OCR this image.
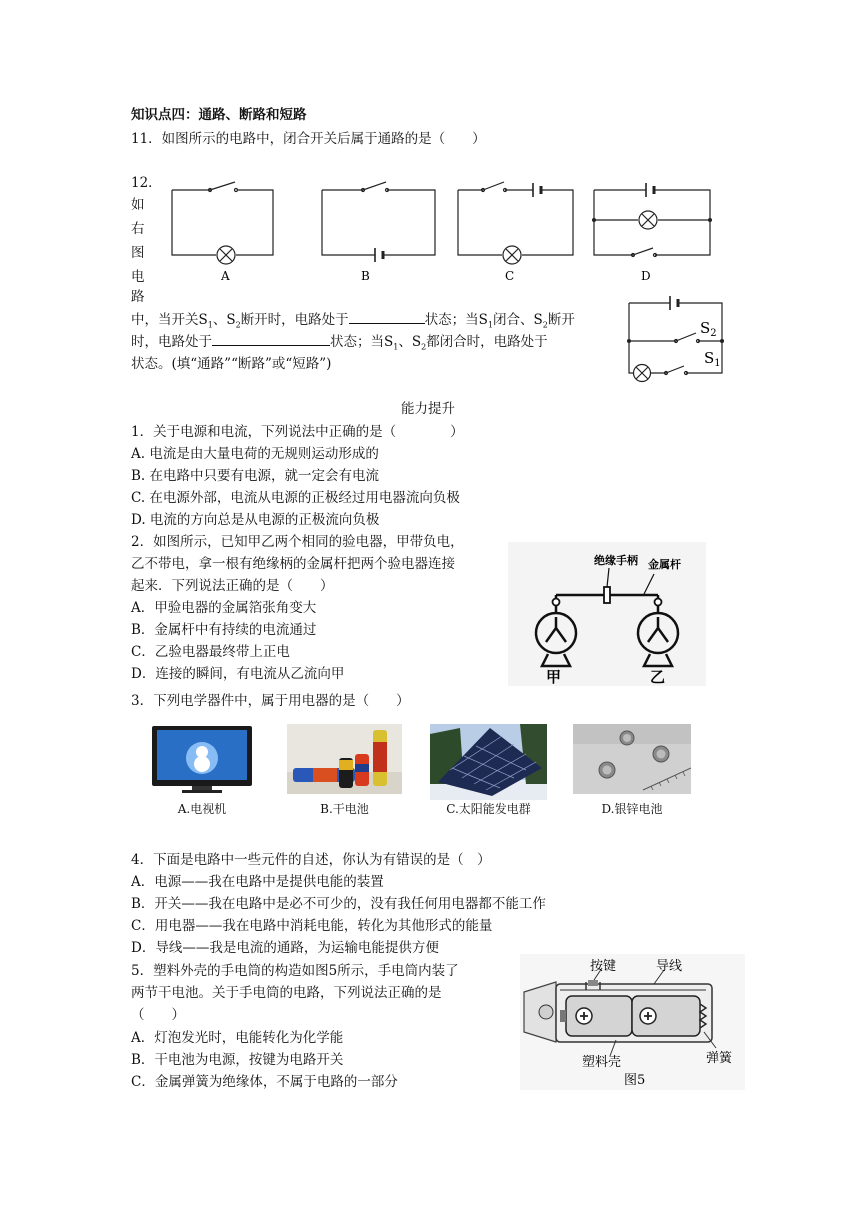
知识点四：通路、断路和短路
11．如图所示的电路中，闭合开关后属于通路的是（　　）
A	B	C	D
12．
如
右
图
电
路
中，当开关$S_1$、$S_2$断开时，电路处于	状态；当$S_1$闭合、$S_2$断开
时，电路处于	状态；当$S_1$、$S_2$都闭合时，电路处于
状态。(填“通路”“断路”或“短路”)
$S_2$
$S_1$
能力提升
1．关于电源和电流，下列说法中正确的是（　　　　）
A. 电流是由大量电荷的无规则运动形成的
B. 在电路中只要有电源，就一定会有电流
C. 在电源外部，电流从电源的正极经过用电器流向负极
D. 电流的方向总是从电源的正极流向负极
2．如图所示，已知甲乙两个相同的验电器，甲带负电，
乙不带电，拿一根有绝缘柄的金属杆把两个验电器连接
起来．下列说法正确的是（　　）
A．甲验电器的金属箔张角变大
B．金属杆中有持续的电流通过
C．乙验电器最终带上正电
D．连接的瞬间，有电流从乙流向甲
绝缘手柄 金属杆
甲	乙
3．下列电学器件中，属于用电器的是（　　）
A.电视机	B.干电池	C.太阳能发电群	D.银锌电池
4．下面是电路中一些元件的自述，你认为有错误的是（　）
A．电源——我在电路中是提供电能的装置
B．开关——我在电路中是必不可少的，没有我任何用电器都不能工作
C．用电器——我在电路中消耗电能，转化为其他形式的能量
D．导线——我是电流的通路，为运输电能提供方便
5．塑料外壳的手电筒的构造如图5所示，手电筒内装了
两节干电池。关于手电筒的电路，下列说法正确的是
（　　）
A．灯泡发光时，电能转化为化学能
B．干电池为电源，按键为电路开关
C．金属弹簧为绝缘体，不属于电路的一部分
按键	导线
塑料壳	弹簧
图5
